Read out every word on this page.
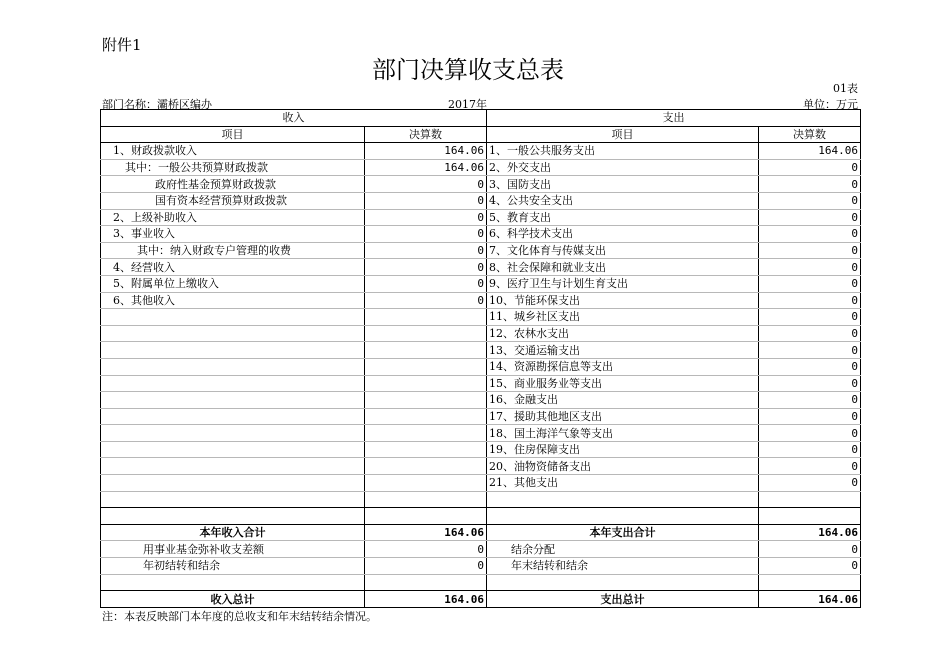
附件1
部门决算收支总表
01表
部门名称：灞桥区编办	2017年	单位：万元
收入		支出	
项目	决算数	项目	决算数
1、财政拨款收入	164.06	1、一般公共服务支出	164.06
其中：一般公共预算财政拨款	164.06	2、外交支出	0
政府性基金预算财政拨款	0	3、国防支出	0
国有资本经营预算财政拨款	0	4、公共安全支出	0
2、上级补助收入	0	5、教育支出	0
3、事业收入	0	6、科学技术支出	0
其中：纳入财政专户管理的收费	0	7、文化体育与传媒支出	0
4、经营收入	0	8、社会保障和就业支出	0
5、附属单位上缴收入	0	9、医疗卫生与计划生育支出	0
6、其他收入	0	10、节能环保支出	0
		11、城乡社区支出	0
		12、农林水支出	0
		13、交通运输支出	0
		14、资源勘探信息等支出	0
		15、商业服务业等支出	0
		16、金融支出	0
		17、援助其他地区支出	0
		18、国土海洋气象等支出	0
		19、住房保障支出	0
		20、油物资储备支出	0
		21、其他支出	0

本年收入合计	164.06	本年支出合计	164.06
用事业基金弥补收支差额	0	结余分配	0
年初结转和结余	0	年末结转和结余	0

收入总计	164.06	支出总计	164.06
注：本表反映部门本年度的总收支和年末结转结余情况。
